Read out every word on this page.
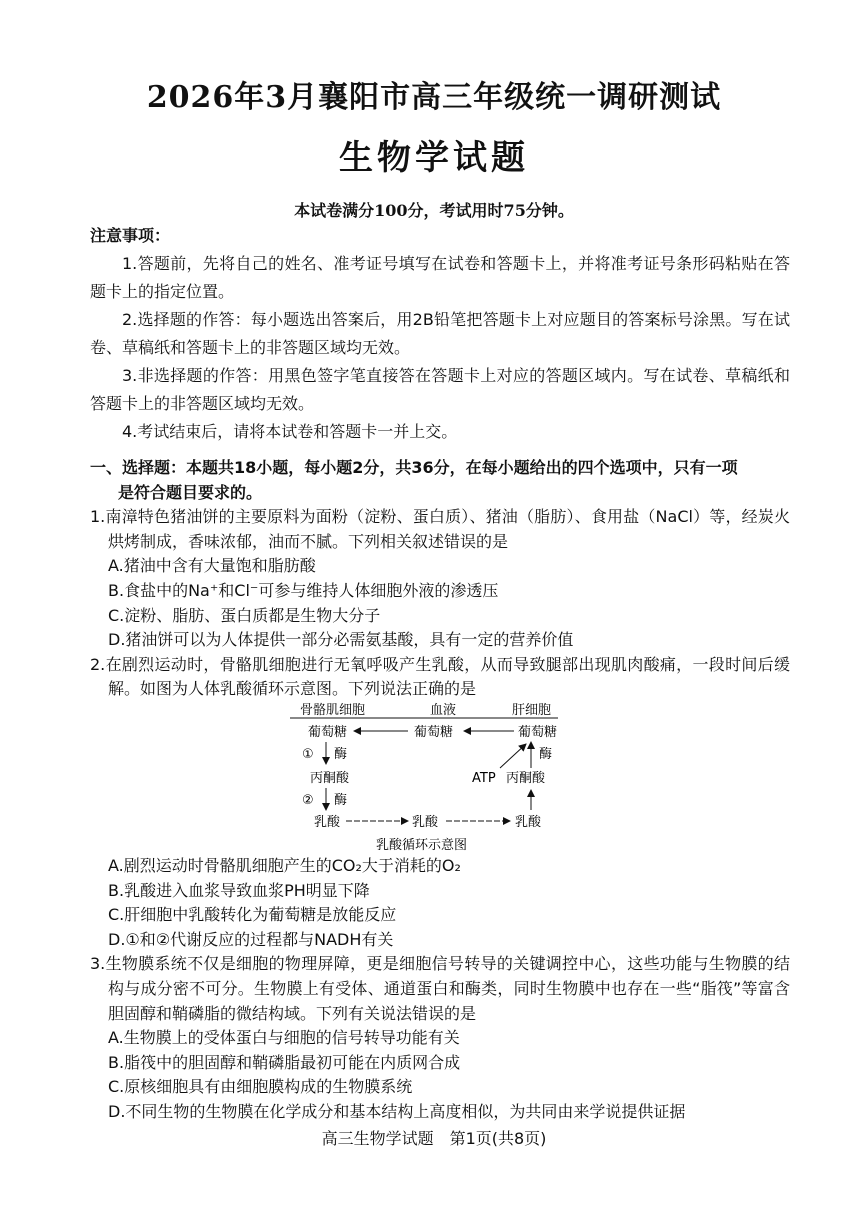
2026年3月襄阳市高三年级统一调研测试
生物学试题
本试卷满分100分，考试用时75分钟。
注意事项：

1.答题前，先将自己的姓名、准考证号填写在试卷和答题卡上，并将准考证号条形码粘贴在答题卡上的指定位置。

2.选择题的作答：每小题选出答案后，用2B铅笔把答题卡上对应题目的答案标号涂黑。写在试卷、草稿纸和答题卡上的非答题区域均无效。

3.非选择题的作答：用黑色签字笔直接答在答题卡上对应的答题区域内。写在试卷、草稿纸和答题卡上的非答题区域均无效。

4.考试结束后，请将本试卷和答题卡一并上交。

一、选择题：本题共18小题，每小题2分，共36分，在每小题给出的四个选项中，只有一项
是符合题目要求的。
1.南漳特色猪油饼的主要原料为面粉（淀粉、蛋白质）、猪油（脂肪）、食用盐（NaCl）等，经炭火烘烤制成，香味浓郁，油而不腻。下列相关叙述错误的是
A.猪油中含有大量饱和脂肪酸
B.食盐中的Na⁺和Cl⁻可参与维持人体细胞外液的渗透压
C.淀粉、脂肪、蛋白质都是生物大分子
D.猪油饼可以为人体提供一部分必需氨基酸，具有一定的营养价值
2.在剧烈运动时，骨骼肌细胞进行无氧呼吸产生乳酸，从而导致腿部出现肌肉酸痛，一段时间后缓解。如图为人体乳酸循环示意图。下列说法正确的是
骨骼肌细胞	血液	肝细胞
葡萄糖	葡萄糖	葡萄糖
① 酶
丙酮酸
② 酶
乳酸	乳酸	乳酸
丙酮酸
ATP
酶
乳酸循环示意图
A.剧烈运动时骨骼肌细胞产生的CO₂大于消耗的O₂
B.乳酸进入血浆导致血浆PH明显下降
C.肝细胞中乳酸转化为葡萄糖是放能反应
D.①和②代谢反应的过程都与NADH有关
3.生物膜系统不仅是细胞的物理屏障，更是细胞信号转导的关键调控中心，这些功能与生物膜的结构与成分密不可分。生物膜上有受体、通道蛋白和酶类，同时生物膜中也存在一些“脂筏”等富含胆固醇和鞘磷脂的微结构域。下列有关说法错误的是
A.生物膜上的受体蛋白与细胞的信号转导功能有关
B.脂筏中的胆固醇和鞘磷脂最初可能在内质网合成
C.原核细胞具有由细胞膜构成的生物膜系统
D.不同生物的生物膜在化学成分和基本结构上高度相似，为共同由来学说提供证据
高三生物学试题　第1页(共8页)
